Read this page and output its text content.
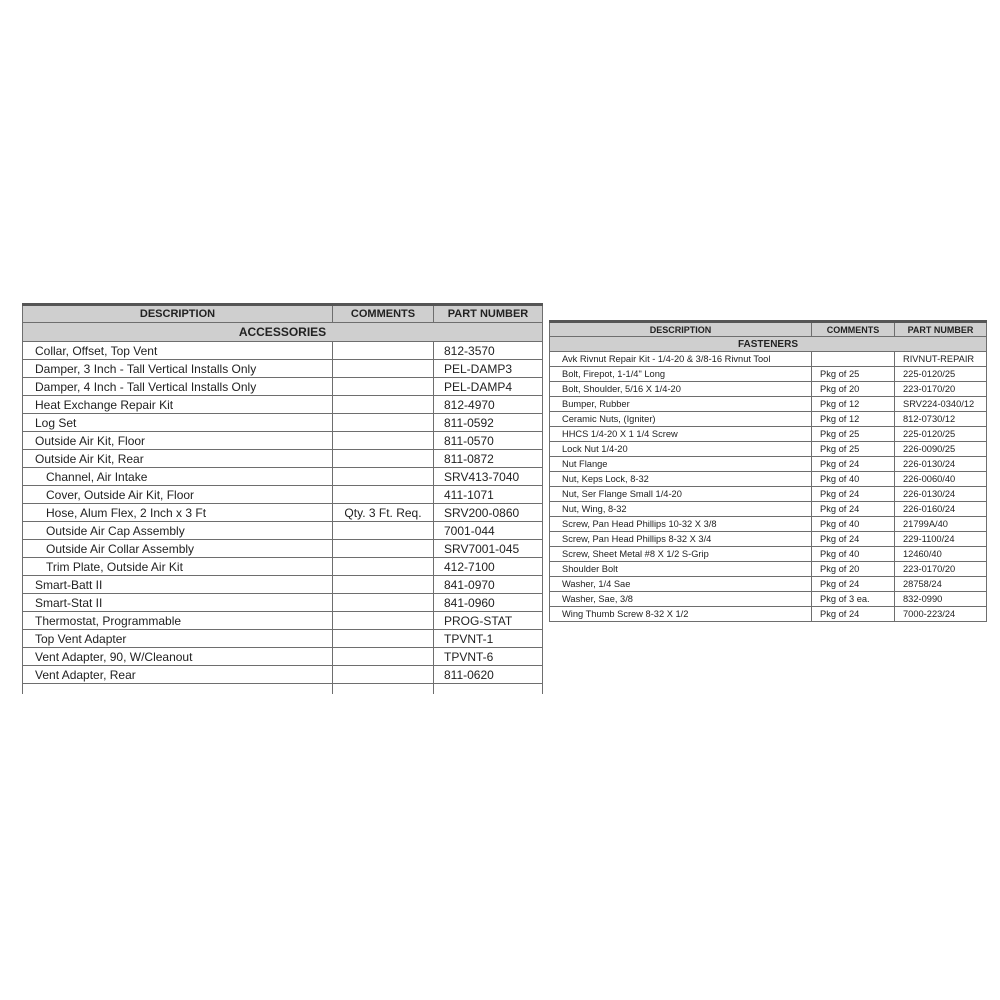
DESCRIPTION	COMMENTS	PART NUMBER
ACCESSORIES		
Collar, Offset, Top Vent		812-3570
Damper, 3 Inch - Tall Vertical Installs Only		PEL-DAMP3
Damper, 4 Inch - Tall Vertical Installs Only		PEL-DAMP4
Heat Exchange Repair Kit		812-4970
Log Set		811-0592
Outside Air Kit, Floor		811-0570
Outside Air Kit, Rear		811-0872
Channel, Air Intake		SRV413-7040
Cover, Outside Air Kit, Floor		411-1071
Hose, Alum Flex, 2 Inch x 3 Ft	Qty. 3 Ft. Req.	SRV200-0860
Outside Air Cap Assembly		7001-044
Outside Air Collar Assembly		SRV7001-045
Trim Plate, Outside Air Kit		412-7100
Smart-Batt II		841-0970
Smart-Stat II		841-0960
Thermostat, Programmable		PROG-STAT
Top Vent Adapter		TPVNT-1
Vent Adapter, 90, W/Cleanout		TPVNT-6
Vent Adapter, Rear		811-0620

DESCRIPTION	COMMENTS	PART NUMBER
FASTENERS		
Avk Rivnut Repair Kit - 1/4-20 & 3/8-16 Rivnut Tool		RIVNUT-REPAIR
Bolt, Firepot, 1-1/4" Long	Pkg of 25	225-0120/25
Bolt, Shoulder, 5/16 X 1/4-20	Pkg of 20	223-0170/20
Bumper, Rubber	Pkg of 12	SRV224-0340/12
Ceramic Nuts, (Igniter)	Pkg of 12	812-0730/12
HHCS 1/4-20 X 1 1/4 Screw	Pkg of 25	225-0120/25
Lock Nut 1/4-20	Pkg of 25	226-0090/25
Nut Flange	Pkg of 24	226-0130/24
Nut, Keps Lock, 8-32	Pkg of 40	226-0060/40
Nut, Ser Flange Small 1/4-20	Pkg of 24	226-0130/24
Nut, Wing, 8-32	Pkg of 24	226-0160/24
Screw, Pan Head Phillips 10-32 X 3/8	Pkg of 40	21799A/40
Screw, Pan Head Phillips 8-32 X 3/4	Pkg of 24	229-1100/24
Screw, Sheet Metal #8 X 1/2 S-Grip	Pkg of 40	12460/40
Shoulder Bolt	Pkg of 20	223-0170/20
Washer, 1/4 Sae	Pkg of 24	28758/24
Washer, Sae, 3/8	Pkg of 3 ea.	832-0990
Wing Thumb Screw 8-32 X 1/2	Pkg of 24	7000-223/24
